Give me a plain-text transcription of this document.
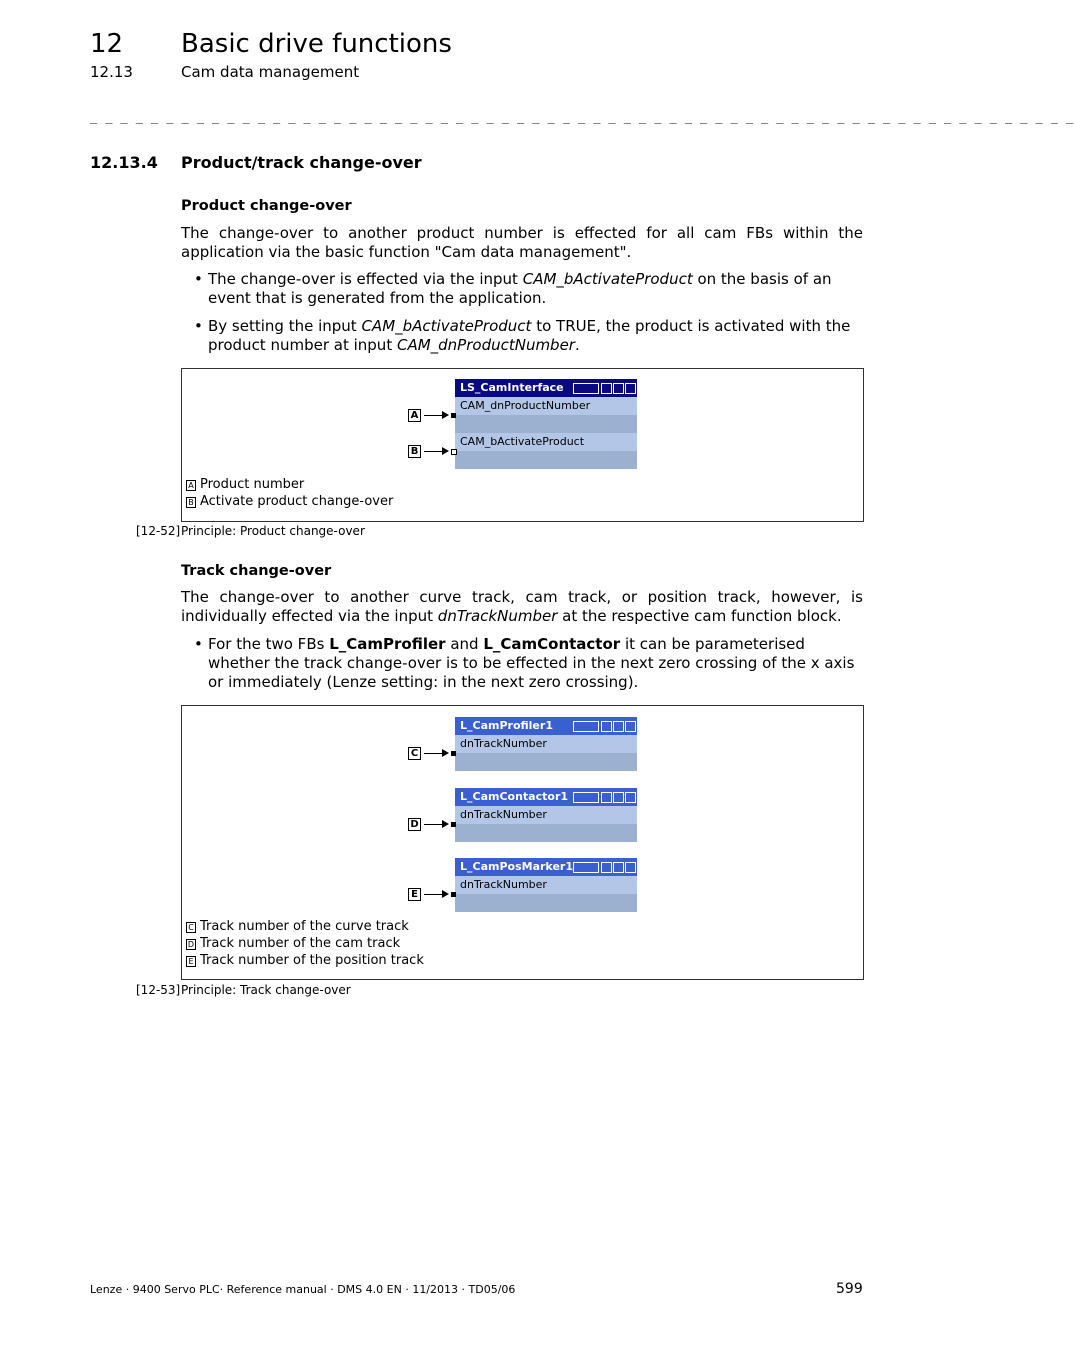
12 Basic drive functions
12.13	Cam data management
_ _ _ _ _ _ _ _ _ _ _ _ _ _ _ _ _ _ _ _ _ _ _ _ _ _ _ _ _ _ _ _ _ _ _ _ _ _ _ _ _ _ _ _ _ _ _ _ _ _ _ _ _ _ _ _ _ _ _ _ _ _ _ _ _
12.13.4 Product/track change-over
Product change-over
The change-over to another product number is effected for all cam FBs within the application via the basic function "Cam data management".
• The change-over is effected via the input CAM_bActivateProduct on the basis of an event that is generated from the application.
• By setting the input CAM_bActivateProduct to TRUE, the product is activated with the product number at input CAM_dnProductNumber.
LS_CamInterface
CAM_dnProductNumber
CAM_bActivateProduct
A
B
A Product number
B Activate product change-over
[12-52] Principle: Product change-over
Track change-over
The change-over to another curve track, cam track, or position track, however, is individually effected via the input dnTrackNumber at the respective cam function block.
• For the two FBs L_CamProfiler and L_CamContactor it can be parameterised whether the track change-over is to be effected in the next zero crossing of the x axis or immediately (Lenze setting: in the next zero crossing).
L_CamProfiler1
dnTrackNumber
C
L_CamContactor1
dnTrackNumber
D
L_CamPosMarker1
dnTrackNumber
E
C Track number of the curve track
D Track number of the cam track
E Track number of the position track
[12-53] Principle: Track change-over
Lenze · 9400 Servo PLC· Reference manual · DMS 4.0 EN · 11/2013 · TD05/06	599
